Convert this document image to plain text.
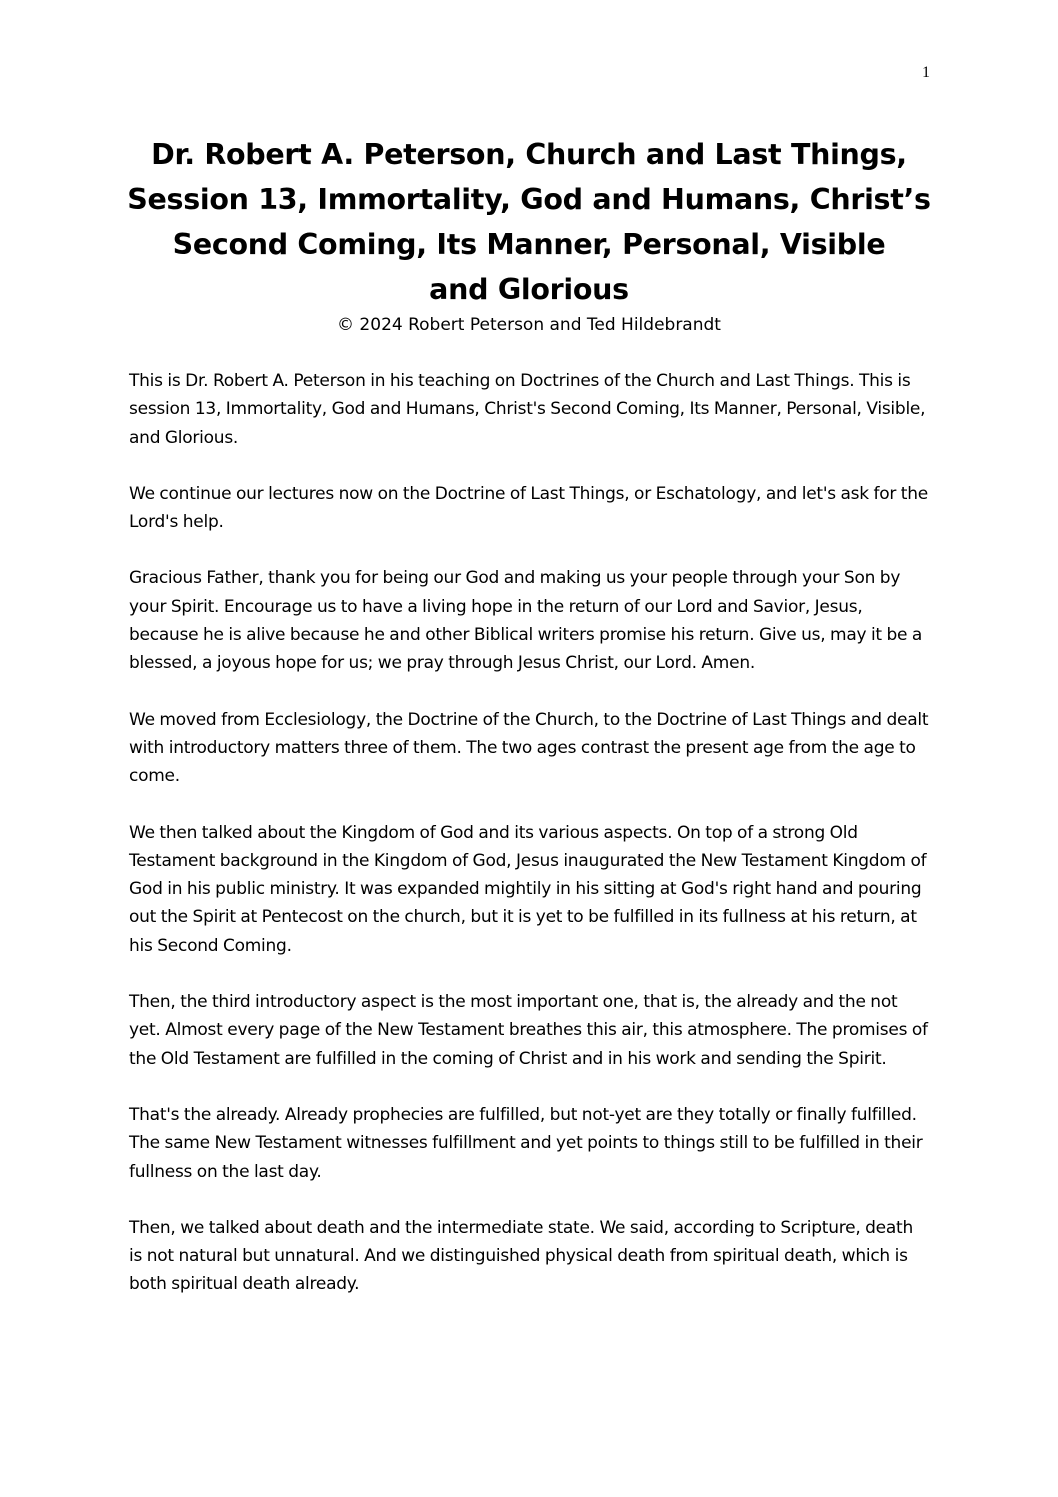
1
Dr. Robert A. Peterson, Church and Last Things,
Session 13, Immortality, God and Humans, Christ’s
Second Coming, Its Manner, Personal, Visible
and Glorious
© 2024 Robert Peterson and Ted Hildebrandt

This is Dr. Robert A. Peterson in his teaching on Doctrines of the Church and Last Things. This is session 13, Immortality, God and Humans, Christ's Second Coming, Its Manner, Personal, Visible, and Glorious.

We continue our lectures now on the Doctrine of Last Things, or Eschatology, and let's ask for the Lord's help.

Gracious Father, thank you for being our God and making us your people through your Son by your Spirit. Encourage us to have a living hope in the return of our Lord and Savior, Jesus, because he is alive because he and other Biblical writers promise his return. Give us, may it be a blessed, a joyous hope for us; we pray through Jesus Christ, our Lord. Amen.

We moved from Ecclesiology, the Doctrine of the Church, to the Doctrine of Last Things and dealt with introductory matters three of them. The two ages contrast the present age from the age to come.

We then talked about the Kingdom of God and its various aspects. On top of a strong Old Testament background in the Kingdom of God, Jesus inaugurated the New Testament Kingdom of God in his public ministry. It was expanded mightily in his sitting at God's right hand and pouring out the Spirit at Pentecost on the church, but it is yet to be fulfilled in its fullness at his return, at his Second Coming.

Then, the third introductory aspect is the most important one, that is, the already and the not yet. Almost every page of the New Testament breathes this air, this atmosphere. The promises of the Old Testament are fulfilled in the coming of Christ and in his work and sending the Spirit.

That's the already. Already prophecies are fulfilled, but not-yet are they totally or finally fulfilled. The same New Testament witnesses fulfillment and yet points to things still to be fulfilled in their fullness on the last day.

Then, we talked about death and the intermediate state. We said, according to Scripture, death is not natural but unnatural. And we distinguished physical death from spiritual death, which is both spiritual death already.
